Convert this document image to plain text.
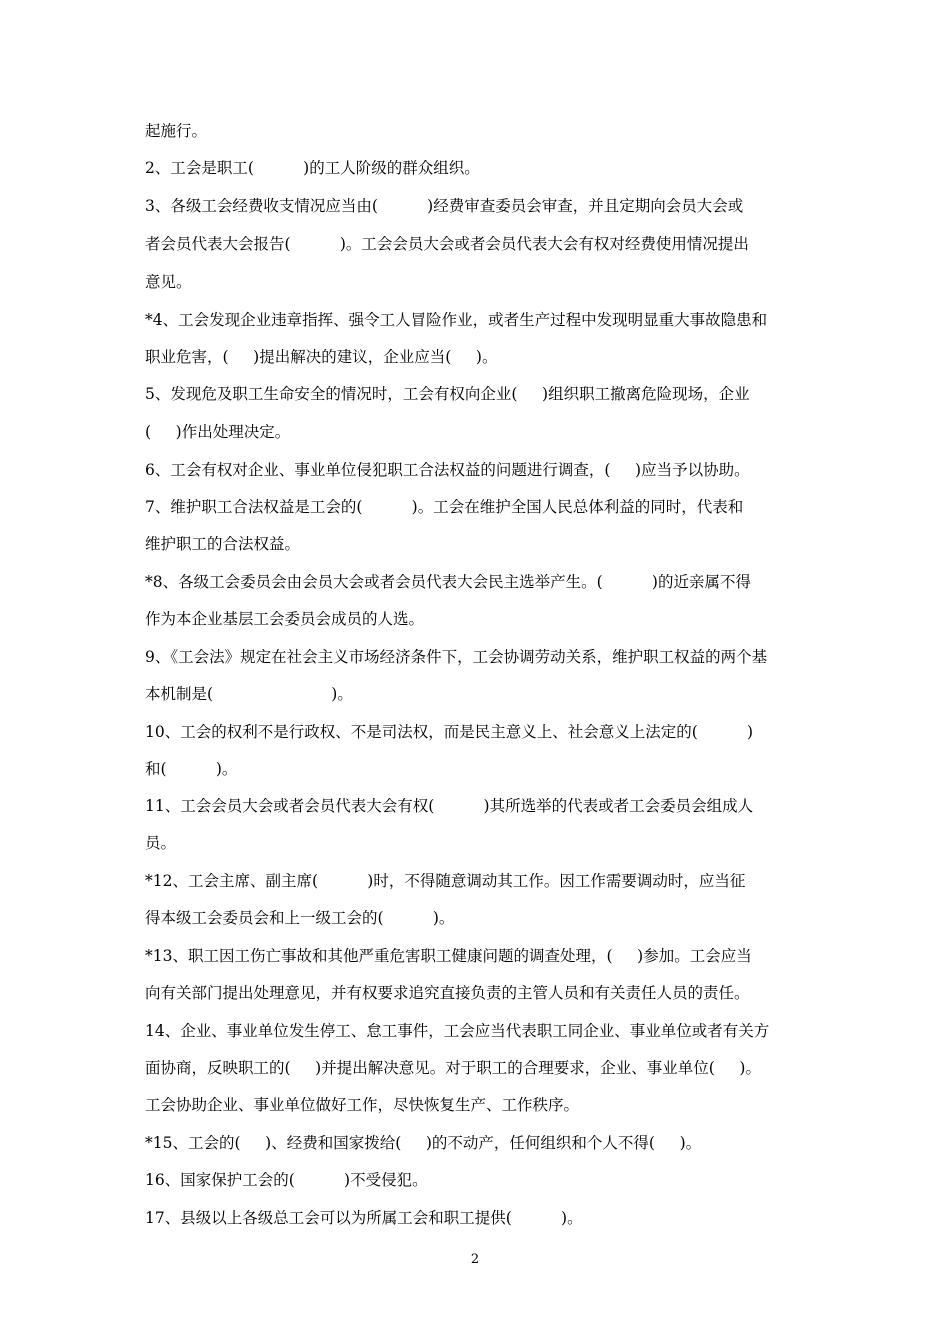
起施行。
2、工会是职工(          )的工人阶级的群众组织。
3、各级工会经费收支情况应当由(          )经费审查委员会审查，并且定期向会员大会或
者会员代表大会报告(          )。工会会员大会或者会员代表大会有权对经费使用情况提出
意见。
*4、工会发现企业违章指挥、强令工人冒险作业，或者生产过程中发现明显重大事故隐患和
职业危害，(     )提出解决的建议，企业应当(     )。
5、发现危及职工生命安全的情况时，工会有权向企业(     )组织职工撤离危险现场，企业
(     )作出处理决定。
6、工会有权对企业、事业单位侵犯职工合法权益的问题进行调查，(     )应当予以协助。
7、维护职工合法权益是工会的(          )。工会在维护全国人民总体利益的同时，代表和
维护职工的合法权益。
*8、各级工会委员会由会员大会或者会员代表大会民主选举产生。(          )的近亲属不得
作为本企业基层工会委员会成员的人选。
9、《工会法》规定在社会主义市场经济条件下，工会协调劳动关系，维护职工权益的两个基
本机制是(                        )。
10、工会的权利不是行政权、不是司法权，而是民主意义上、社会意义上法定的(          )
和(          )。
11、工会会员大会或者会员代表大会有权(          )其所选举的代表或者工会委员会组成人
员。
*12、工会主席、副主席(          )时，不得随意调动其工作。因工作需要调动时，应当征
得本级工会委员会和上一级工会的(          )。
*13、职工因工伤亡事故和其他严重危害职工健康问题的调查处理，(     )参加。工会应当
向有关部门提出处理意见，并有权要求追究直接负责的主管人员和有关责任人员的责任。
14、企业、事业单位发生停工、怠工事件，工会应当代表职工同企业、事业单位或者有关方
面协商，反映职工的(     )并提出解决意见。对于职工的合理要求，企业、事业单位(     )。
工会协助企业、事业单位做好工作，尽快恢复生产、工作秩序。
*15、工会的(     )、经费和国家拨给(     )的不动产，任何组织和个人不得(     )。
16、国家保护工会的(          )不受侵犯。
17、县级以上各级总工会可以为所属工会和职工提供(          )。
2
